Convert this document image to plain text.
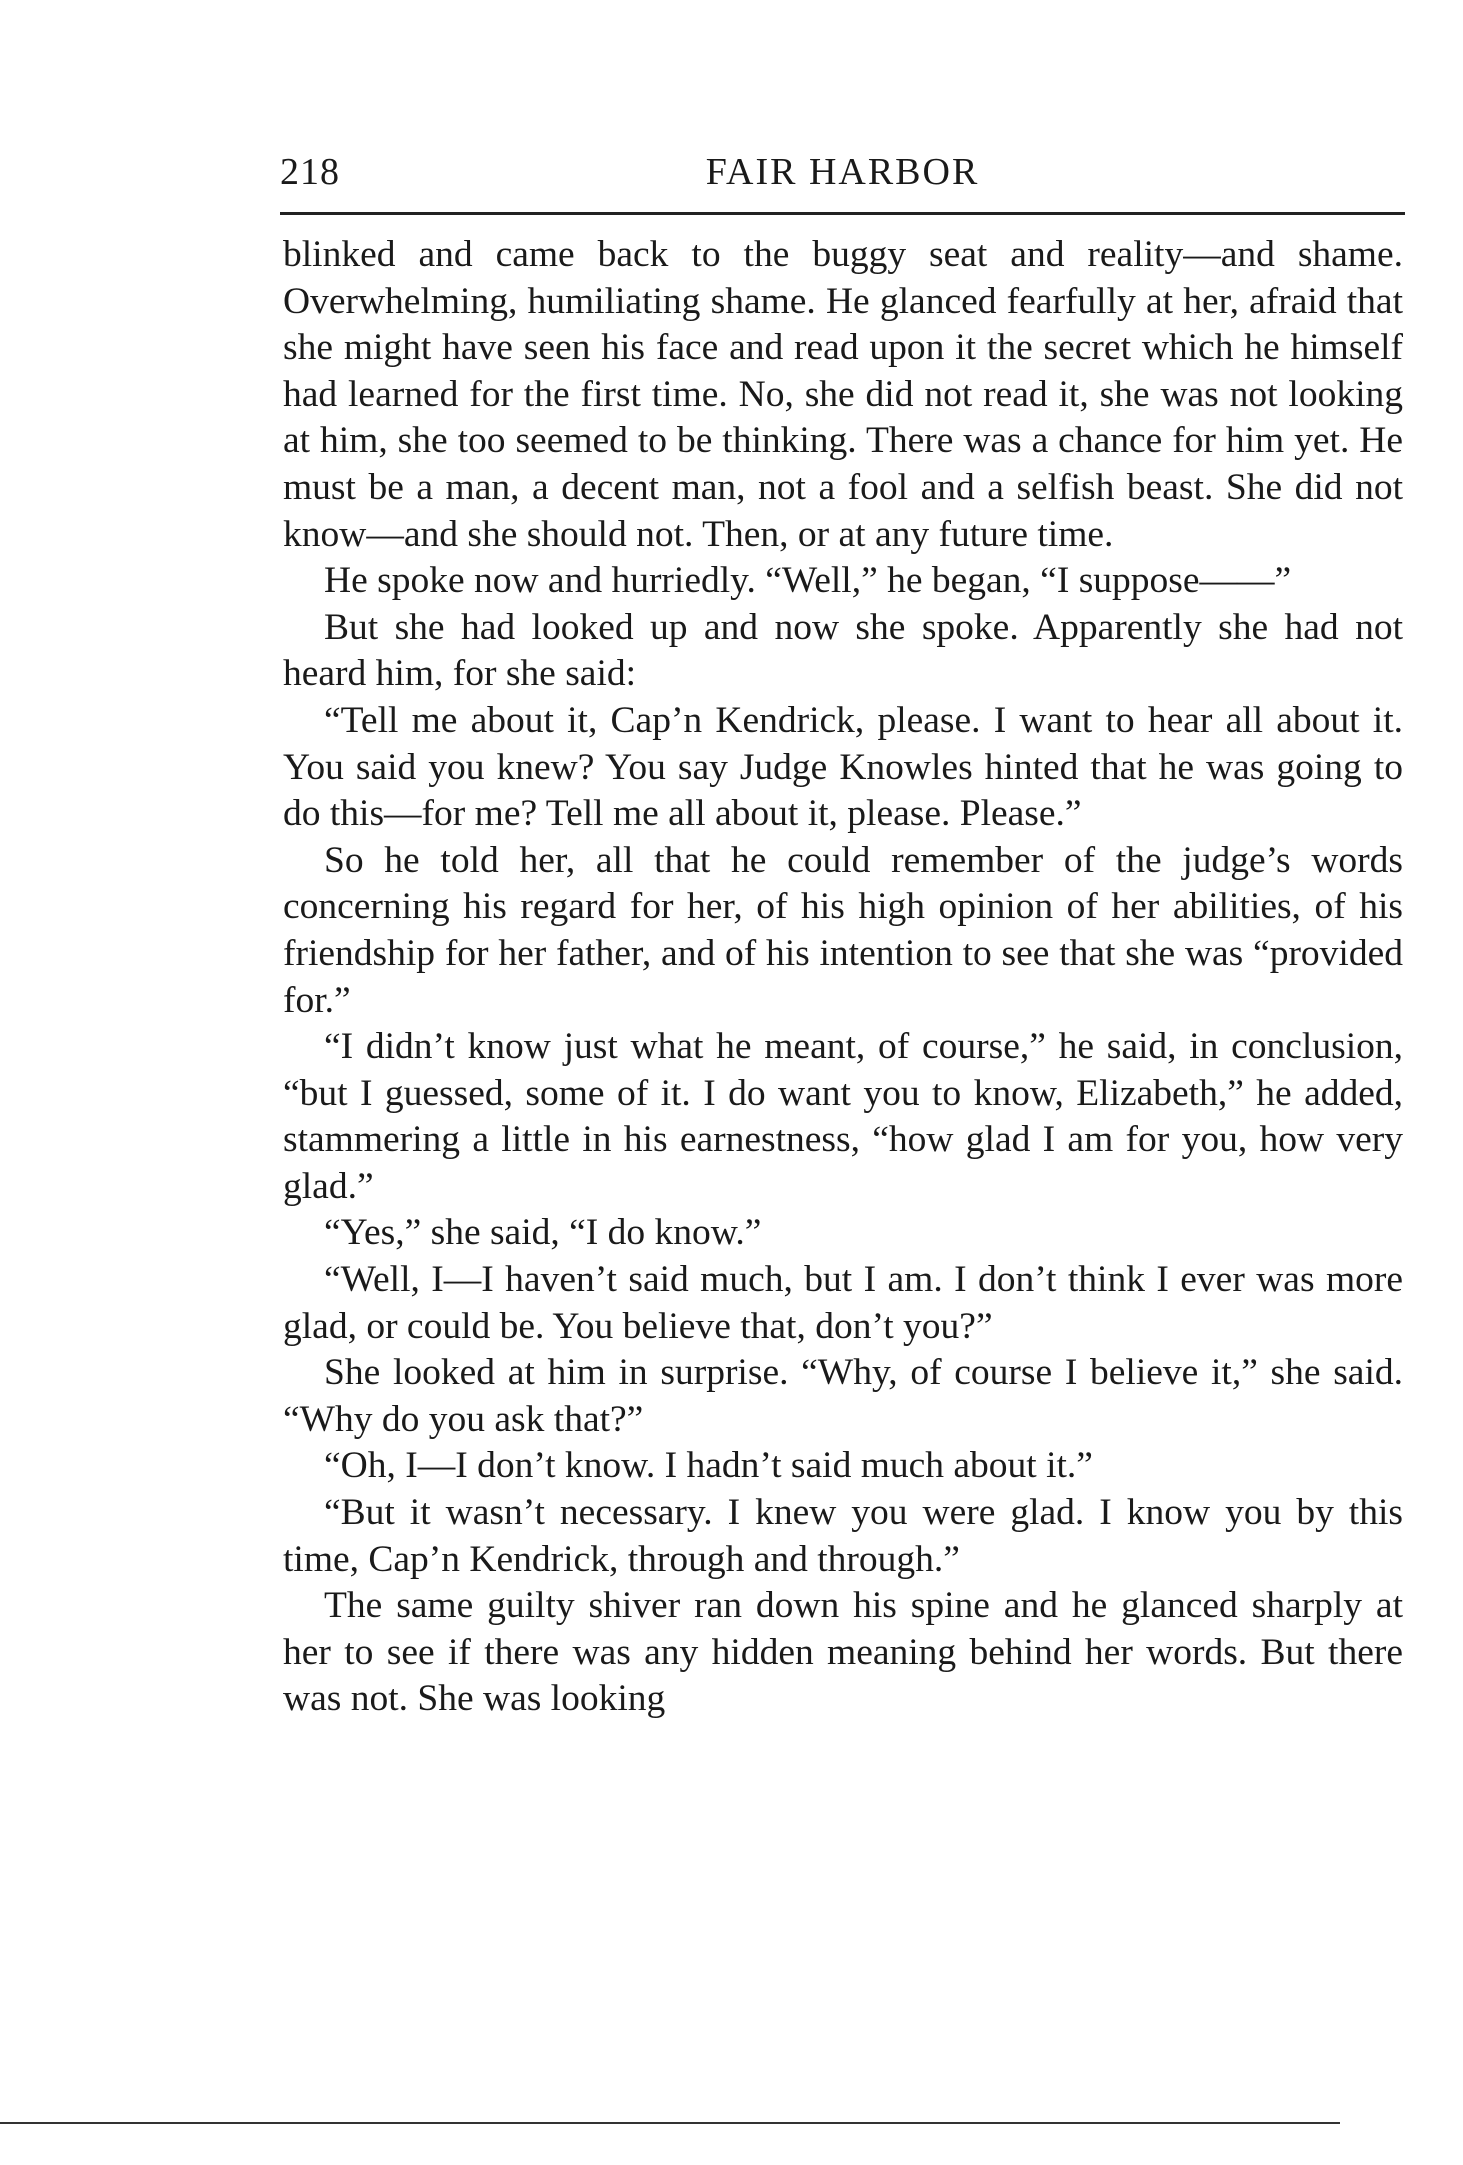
218	FAIR HARBOR

blinked and came back to the buggy seat and reality—and shame. Overwhelming, humiliating shame. He glanced fearfully at her, afraid that she might have seen his face and read upon it the secret which he himself had learned for the first time. No, she did not read it, she was not looking at him, she too seemed to be thinking. There was a chance for him yet. He must be a man, a decent man, not a fool and a selfish beast. She did not know—and she should not. Then, or at any future time.

He spoke now and hurriedly. “Well,” he began, “I suppose——”

But she had looked up and now she spoke. Apparently she had not heard him, for she said:

“Tell me about it, Cap’n Kendrick, please. I want to hear all about it. You said you knew? You say Judge Knowles hinted that he was going to do this—for me? Tell me all about it, please. Please.”

So he told her, all that he could remember of the judge’s words concerning his regard for her, of his high opinion of her abilities, of his friendship for her father, and of his intention to see that she was “provided for.”

“I didn’t know just what he meant, of course,” he said, in conclusion, “but I guessed, some of it. I do want you to know, Elizabeth,” he added, stammering a little in his earnestness, “how glad I am for you, how very glad.”

“Yes,” she said, “I do know.”

“Well, I—I haven’t said much, but I am. I don’t think I ever was more glad, or could be. You believe that, don’t you?”

She looked at him in surprise. “Why, of course I believe it,” she said. “Why do you ask that?”

“Oh, I—I don’t know. I hadn’t said much about it.”

“But it wasn’t necessary. I knew you were glad. I know you by this time, Cap’n Kendrick, through and through.”

The same guilty shiver ran down his spine and he glanced sharply at her to see if there was any hidden meaning behind her words. But there was not. She was looking
